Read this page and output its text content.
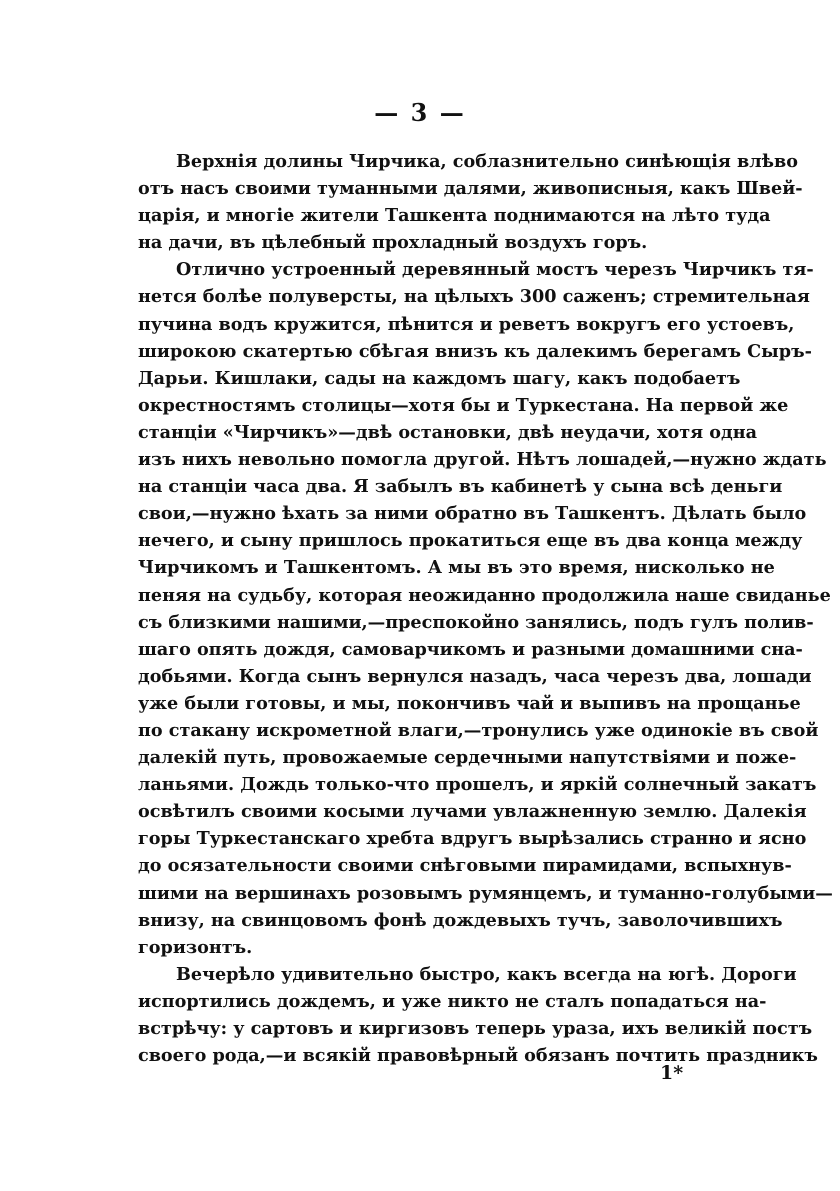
— 3 —
Верхнія долины Чирчика, соблазнительно синѣющія влѣво
отъ насъ своими туманными далями, живописныя, какъ Швей-
царія, и многіе жители Ташкента поднимаются на лѣто туда
на дачи, въ цѣлебный прохладный воздухъ горъ.
Отлично устроенный деревянный мостъ черезъ Чирчикъ тя-
нется болѣе полуверсты, на цѣлыхъ 300 саженъ; стремительная
пучина водъ кружится, пѣнится и реветъ вокругъ его устоевъ,
широкою скатертью сбѣгая внизъ къ далекимъ берегамъ Сыръ-
Дарьи. Кишлаки, сады на каждомъ шагу, какъ подобаетъ
окрестностямъ столицы—хотя бы и Туркестана. На первой же
станціи «Чирчикъ»—двѣ остановки, двѣ неудачи, хотя одна
изъ нихъ невольно помогла другой. Нѣтъ лошадей,—нужно ждать
на станціи часа два. Я забылъ въ кабинетѣ у сына всѣ деньги
свои,—нужно ѣхать за ними обратно въ Ташкентъ. Дѣлать было
нечего, и сыну пришлось прокатиться еще въ два конца между
Чирчикомъ и Ташкентомъ. А мы въ это время, нисколько не
пеняя на судьбу, которая неожиданно продолжила наше свиданье
съ близкими нашими,—преспокойно занялись, подъ гулъ полив-
шаго опять дождя, самоварчикомъ и разными домашними сна-
добьями. Когда сынъ вернулся назадъ, часа черезъ два, лошади
уже были готовы, и мы, покончивъ чай и выпивъ на прощанье
по стакану искрометной влаги,—тронулись уже одинокіе въ свой
далекій путь, провожаемые сердечными напутствіями и поже-
ланьями. Дождь только-что прошелъ, и яркій солнечный закатъ
освѣтилъ своими косыми лучами увлажненную землю. Далекія
горы Туркестанскаго хребта вдругъ вырѣзались странно и ясно
до осязательности своими снѣговыми пирамидами, вспыхнув-
шими на вершинахъ розовымъ румянцемъ, и туманно-голубыми—
внизу, на свинцовомъ фонѣ дождевыхъ тучъ, заволочившихъ
горизонтъ.
Вечерѣло удивительно быстро, какъ всегда на югѣ. Дороги
испортились дождемъ, и уже никто не сталъ попадаться на-
встрѣчу: у сартовъ и киргизовъ теперь ураза, ихъ великій постъ
своего рода,—и всякій правовѣрный обязанъ почтить праздникъ
1*
